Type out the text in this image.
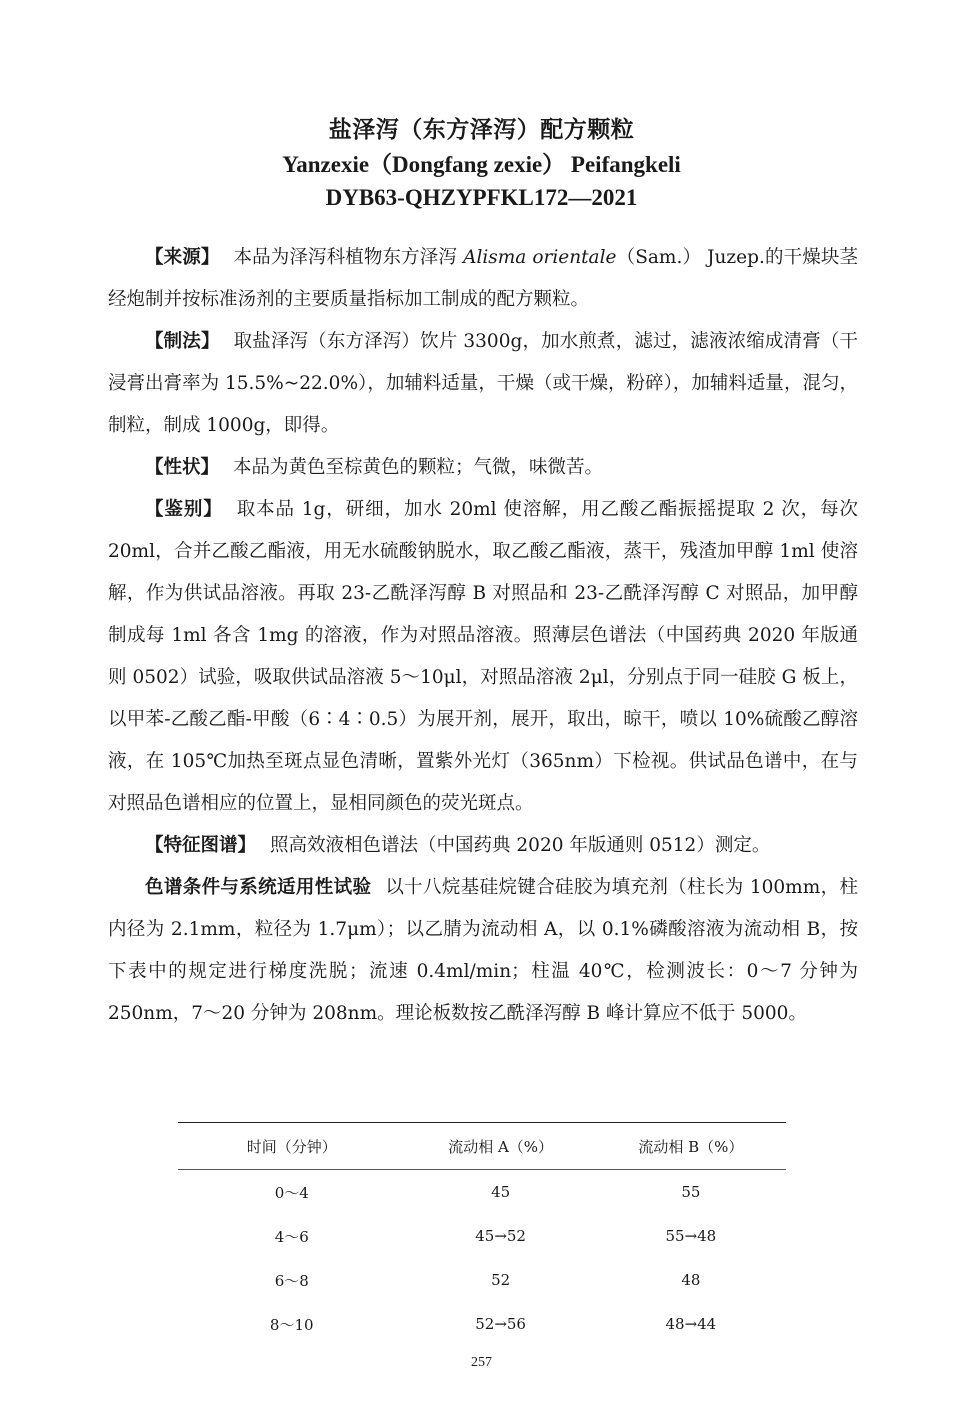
盐泽泻（东方泽泻）配方颗粒
Yanzexie（Dongfang zexie） Peifangkeli
DYB63-QHZYPFKL172—2021

【来源】 本品为泽泻科植物东方泽泻 Alisma orientale（Sam.） Juzep.的干燥块茎经炮制并按标准汤剂的主要质量指标加工制成的配方颗粒。

【制法】 取盐泽泻（东方泽泻）饮片 3300g，加水煎煮，滤过，滤液浓缩成清膏（干浸膏出膏率为 15.5%~22.0%），加辅料适量，干燥（或干燥，粉碎），加辅料适量，混匀，制粒，制成 1000g，即得。

【性状】 本品为黄色至棕黄色的颗粒；气微，味微苦。

【鉴别】 取本品 1g，研细，加水 20ml 使溶解，用乙酸乙酯振摇提取 2 次，每次 20ml，合并乙酸乙酯液，用无水硫酸钠脱水，取乙酸乙酯液，蒸干，残渣加甲醇 1ml 使溶解，作为供试品溶液。再取 23-乙酰泽泻醇 B 对照品和 23-乙酰泽泻醇 C 对照品，加甲醇制成每 1ml 各含 1mg 的溶液，作为对照品溶液。照薄层色谱法（中国药典 2020 年版通则 0502）试验，吸取供试品溶液 5～10μl，对照品溶液 2μl，分别点于同一硅胶 G 板上，以甲苯-乙酸乙酯-甲酸（6∶4∶0.5）为展开剂，展开，取出，晾干，喷以 10%硫酸乙醇溶液，在 105℃加热至斑点显色清晰，置紫外光灯（365nm）下检视。供试品色谱中，在与对照品色谱相应的位置上，显相同颜色的荧光斑点。

【特征图谱】 照高效液相色谱法（中国药典 2020 年版通则 0512）测定。

色谱条件与系统适用性试验 以十八烷基硅烷键合硅胶为填充剂（柱长为 100mm，柱内径为 2.1mm，粒径为 1.7μm）；以乙腈为流动相 A，以 0.1%磷酸溶液为流动相 B，按下表中的规定进行梯度洗脱；流速 0.4ml/min；柱温 40℃，检测波长：0～7 分钟为 250nm，7～20 分钟为 208nm。理论板数按乙酰泽泻醇 B 峰计算应不低于 5000。

时间（分钟）	流动相 A（%）	流动相 B（%）
0～4	45	55
4～6	45→52	55→48
6～8	52	48
8～10	52→56	48→44
257
